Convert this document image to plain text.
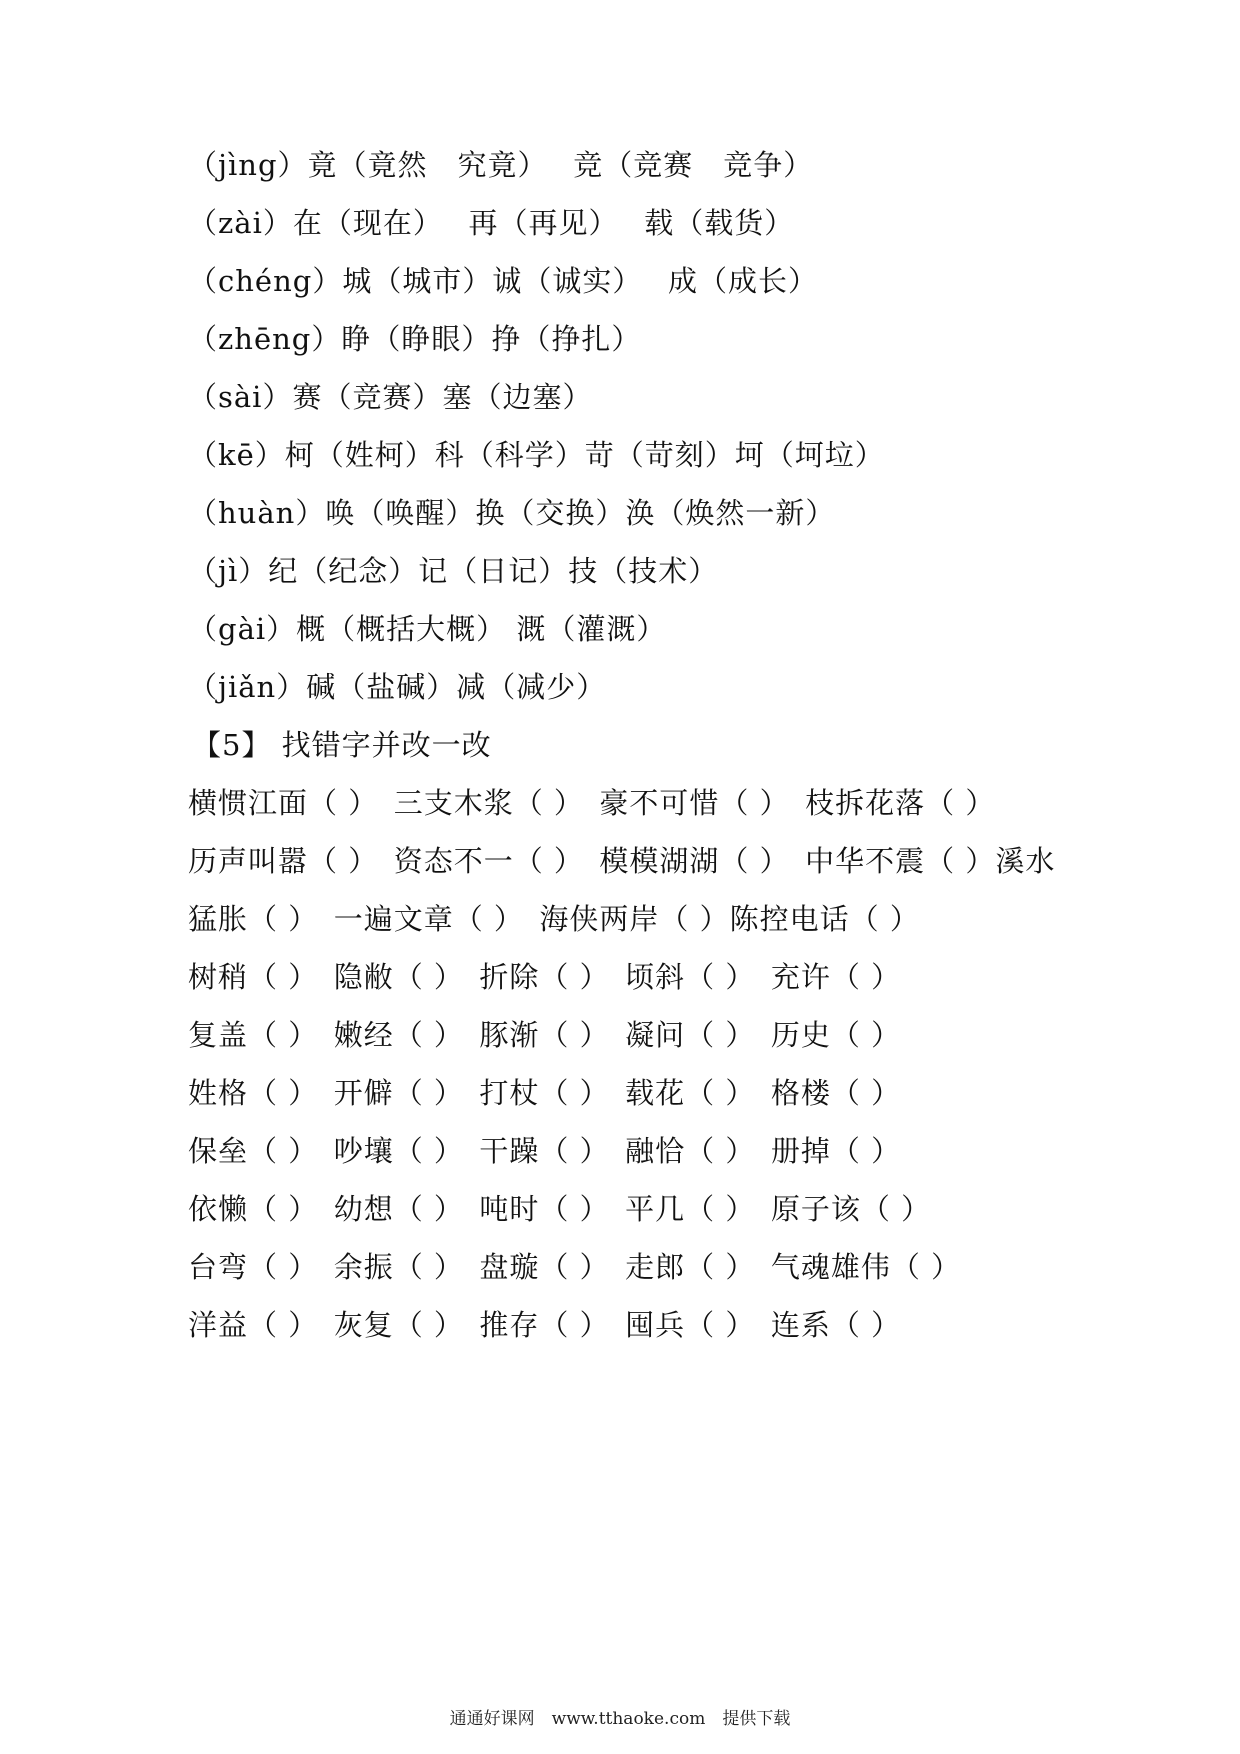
（jìng）竟（竟然　究竟）　 竞（竞赛　竞争）
（zài）在（现在）　 再（再见）　 载（载货）
（chéng）城（城市）诚（诚实）　 成（成长）
（zhēng）睁（睁眼）挣（挣扎）
（sài）赛（竞赛）塞（边塞）
（kē）柯（姓柯）科（科学）苛（苛刻）坷（坷垃）
（huàn）唤（唤醒）换（交换）涣（焕然一新）
（jì）纪（纪念）记（日记）技（技术）
（gài）概（概括大概） 溉（灌溉）
（jiǎn）碱（盐碱）减（减少）
【5】 找错字并改一改
横惯江面（ ）　三支木浆（ ）　豪不可惜（ ）　枝拆花落（ ）
历声叫嚣（ ）　资态不一（ ）　模模湖湖（ ）　中华不震（ ）溪水
猛胀（ ）　一遍文章（ ）　海侠两岸（ ）陈控电话（ ）
树稍（ ）　隐敝（ ）　折除（ ）　顷斜（ ）　充许（ ）
复盖（ ）　嫩经（ ）　豚渐（ ）　凝问（ ）　历史（ ）
姓格（ ）　开僻（ ）　打杖（ ）　载花（ ）　格楼（ ）
保垒（ ）　吵壤（ ）　干躁（ ）　融恰（ ）　册掉（ ）
依懒（ ）　幼想（ ）　吨时（ ）　平几（ ）　原子该（ ）
台弯（ ）　余振（ ）　盘璇（ ）　走郎（ ）　气魂雄伟（ ）
洋益（ ）　灰复（ ）　推存（ ）　囤兵（ ）　连系（ ）
通通好课网　www.tthaoke.com　提供下载
